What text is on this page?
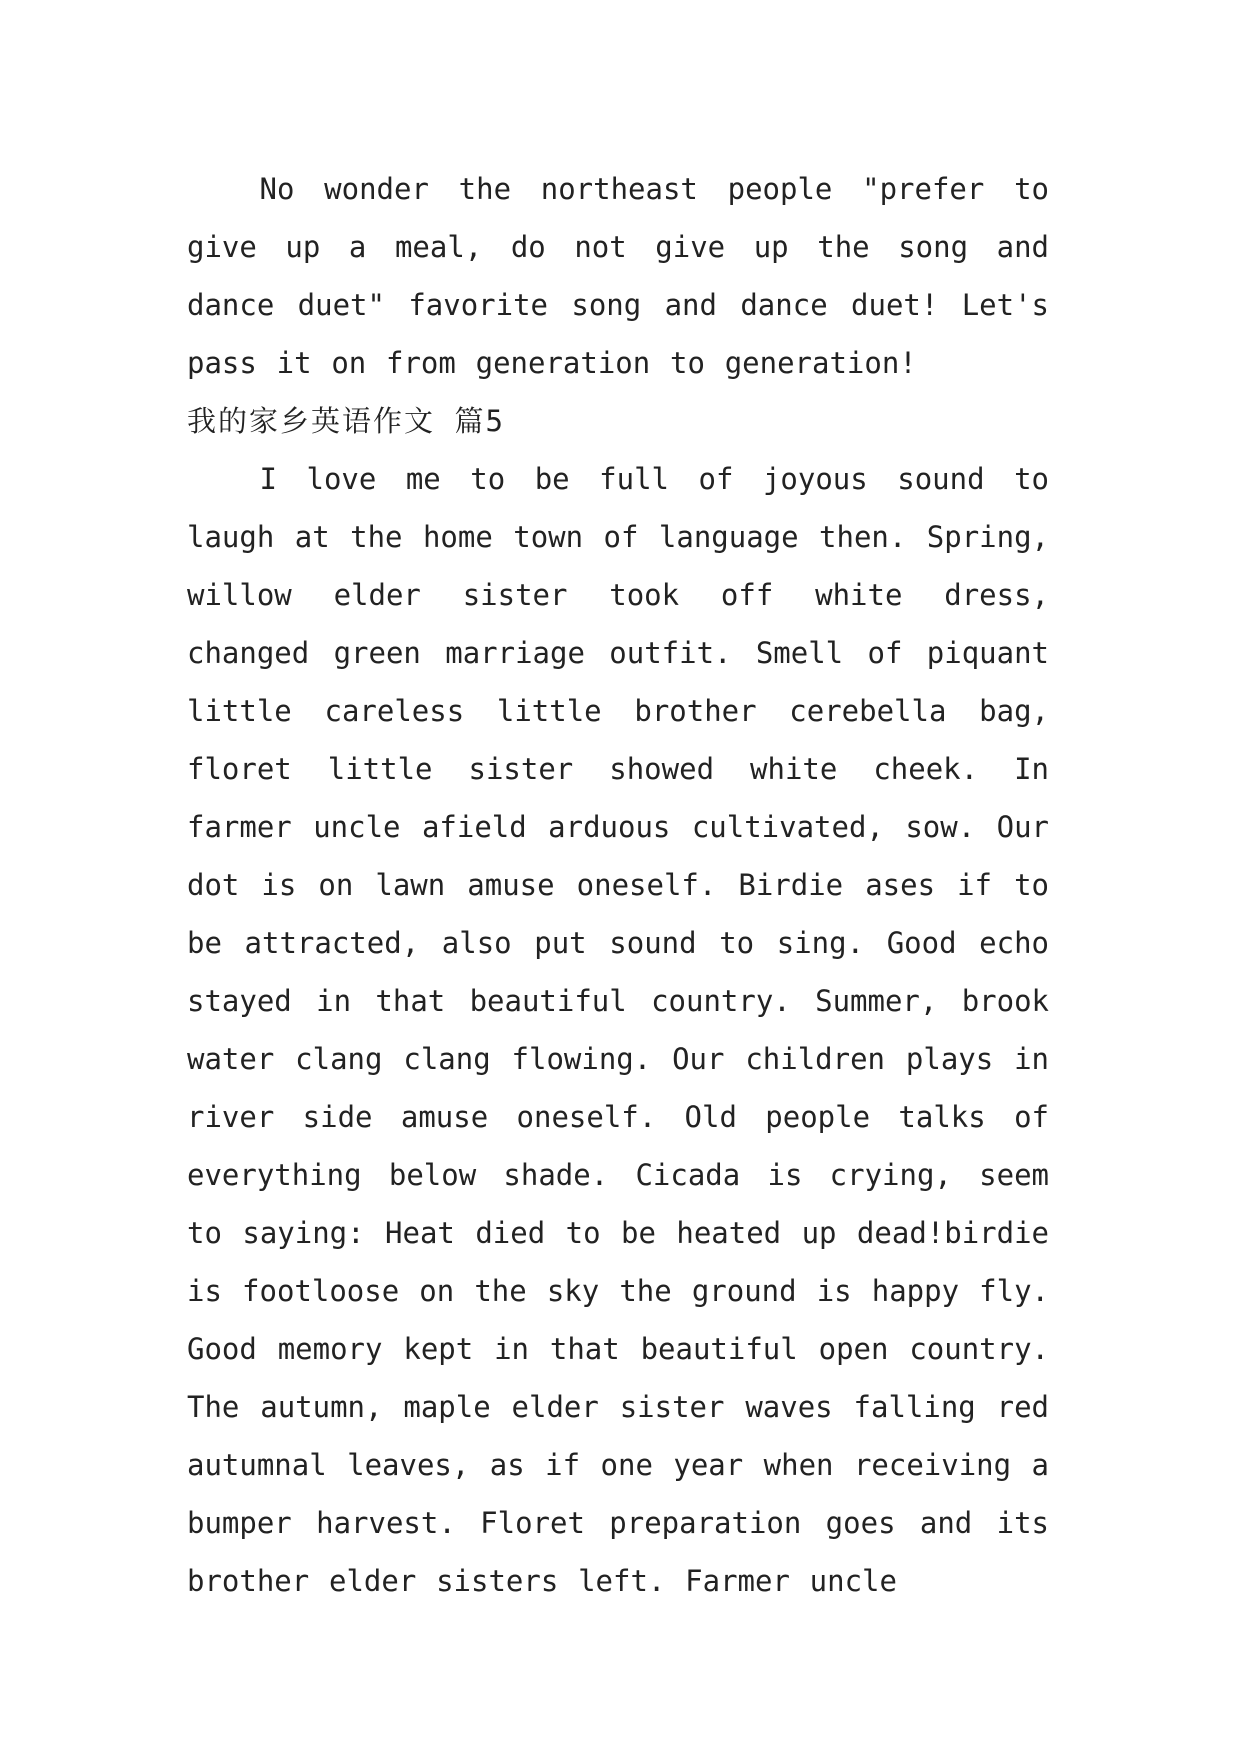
No wonder the northeast people "prefer to give up a meal, do not give up the song and dance duet" favorite song and dance duet! Let's pass it on from generation to generation!

我的家乡英语作文 篇5

I love me to be full of joyous sound to laugh at the home town of language then. Spring, willow elder sister took off white dress, changed green marriage outfit. Smell of piquant little careless little brother cerebella bag, floret little sister showed white cheek. In farmer uncle afield arduous cultivated, sow. Our dot is on lawn amuse oneself. Birdie ases if to be attracted, also put sound to sing. Good echo stayed in that beautiful country. Summer, brook water clang clang flowing. Our children plays in river side amuse oneself. Old people talks of everything below shade. Cicada is crying, seem to saying: Heat died to be heated up dead!birdie is footloose on the sky the ground is happy fly. Good memory kept in that beautiful open country. The autumn, maple elder sister waves falling red autumnal leaves, as if one year when receiving a bumper harvest. Floret preparation goes and its brother elder sisters left. Farmer uncle
